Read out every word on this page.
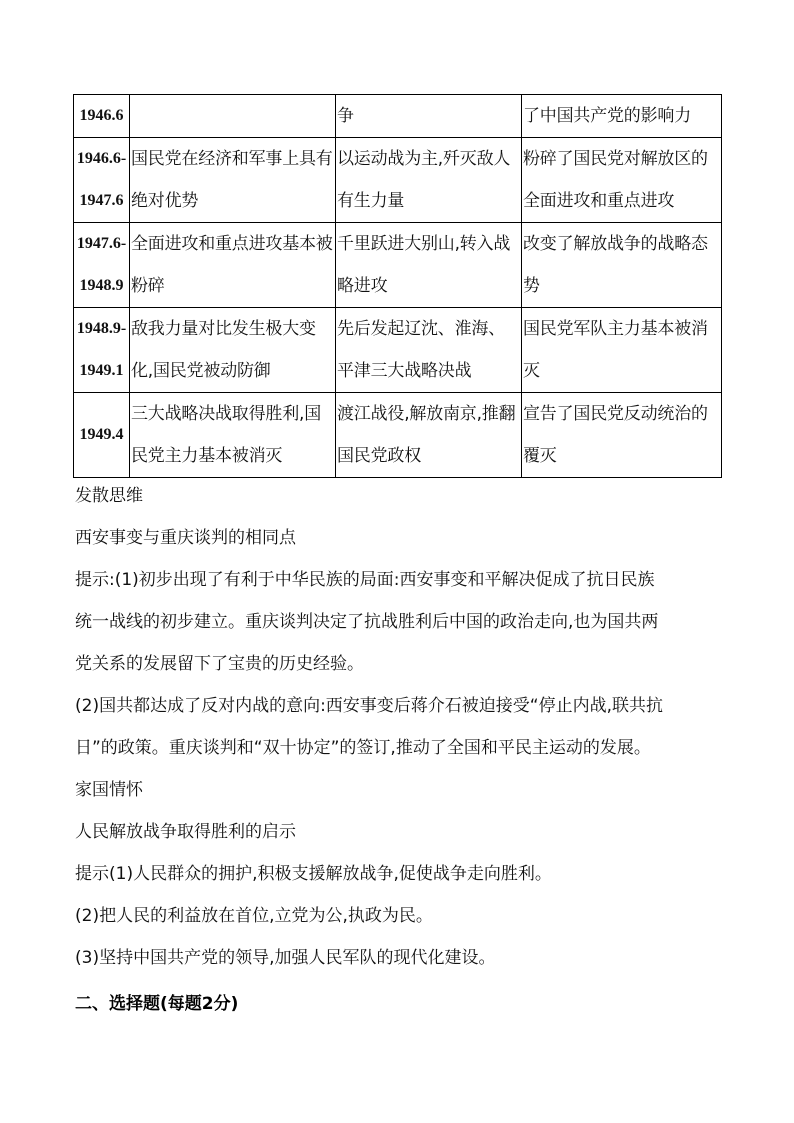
1946.6		争	了中国共产党的影响力

1946.6-
1947.6	国民党在经济和军事上具有绝对优势	以运动战为主,歼灭敌人有生力量	粉碎了国民党对解放区的全面进攻和重点进攻

1947.6-
1948.9	全面进攻和重点进攻基本被粉碎	千里跃进大别山,转入战略进攻	改变了解放战争的战略态势

1948.9-
1949.1	敌我力量对比发生极大变化,国民党被动防御	先后发起辽沈、淮海、平津三大战略决战	国民党军队主力基本被消灭

1949.4	三大战略决战取得胜利,国民党主力基本被消灭	渡江战役,解放南京,推翻国民党政权	宣告了国民党反动统治的覆灭
发散思维
西安事变与重庆谈判的相同点
提示:(1)初步出现了有利于中华民族的局面:西安事变和平解决促成了抗日民族
统一战线的初步建立。重庆谈判决定了抗战胜利后中国的政治走向,也为国共两
党关系的发展留下了宝贵的历史经验。
(2)国共都达成了反对内战的意向:西安事变后蒋介石被迫接受“停止内战,联共抗
日”的政策。重庆谈判和“双十协定”的签订,推动了全国和平民主运动的发展。
家国情怀
人民解放战争取得胜利的启示
提示(1)人民群众的拥护,积极支援解放战争,促使战争走向胜利。
(2)把人民的利益放在首位,立党为公,执政为民。
(3)坚持中国共产党的领导,加强人民军队的现代化建设。
二、选择题(每题2分)
